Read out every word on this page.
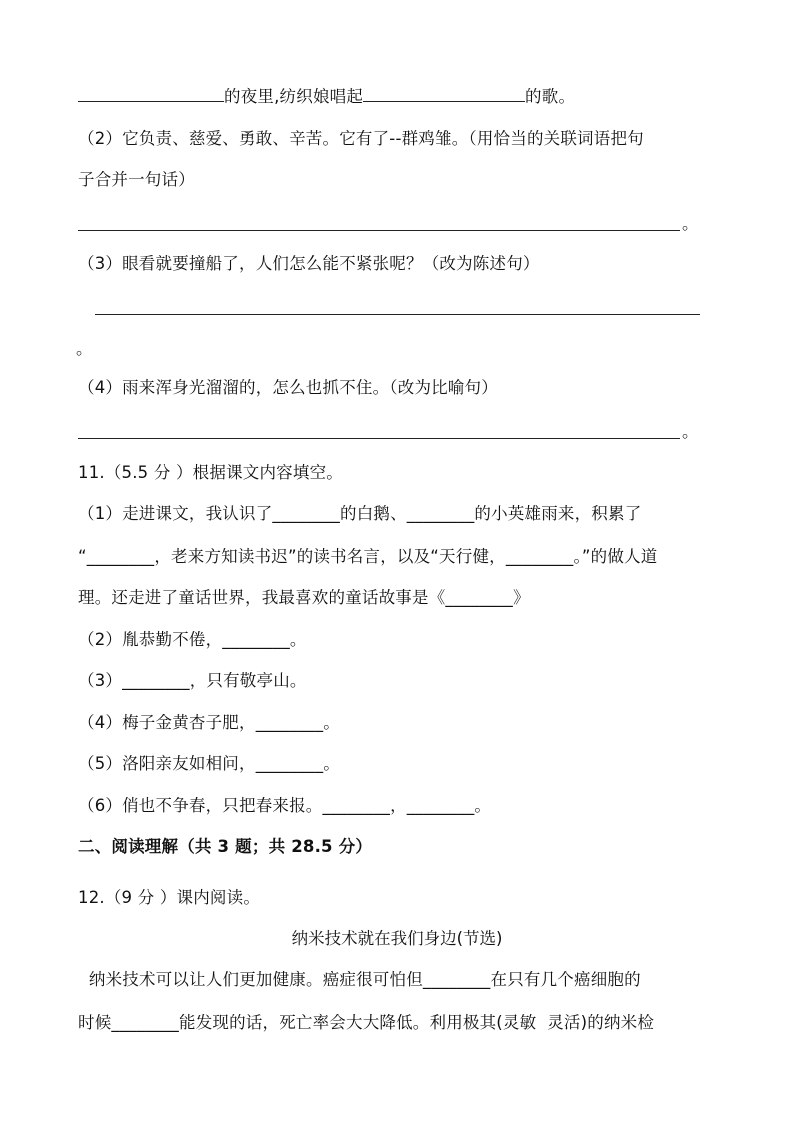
的夜里,纺织娘唱起	的歌。
（2）它负责、慈爱、勇敢、辛苦。它有了--群鸡雏。（用恰当的关联词语把句
子合并一句话）
。
（3）眼看就要撞船了，人们怎么能不紧张呢？（改为陈述句）
。
（4）雨来浑身光溜溜的，怎么也抓不住。（改为比喻句）
。
11.（5.5 分 ）根据课文内容填空。
（1）走进课文，我认识了________的白鹅、________的小英雄雨来，积累了
“________，老来方知读书迟”的读书名言，以及“天行健，________。”的做人道
理。还走进了童话世界，我最喜欢的童话故事是《________》
（2）胤恭勤不倦，________。
（3）________，只有敬亭山。
（4）梅子金黄杏子肥，________。
（5）洛阳亲友如相问，________。
（6）俏也不争春，只把春来报。________，________。
二、阅读理解（共 3 题；共 28.5 分）
12.（9 分 ）课内阅读。
纳米技术就在我们身边(节选)
纳米技术可以让人们更加健康。癌症很可怕但________在只有几个癌细胞的
时候________能发现的话，死亡率会大大降低。利用极其(灵敏  灵活)的纳米检
